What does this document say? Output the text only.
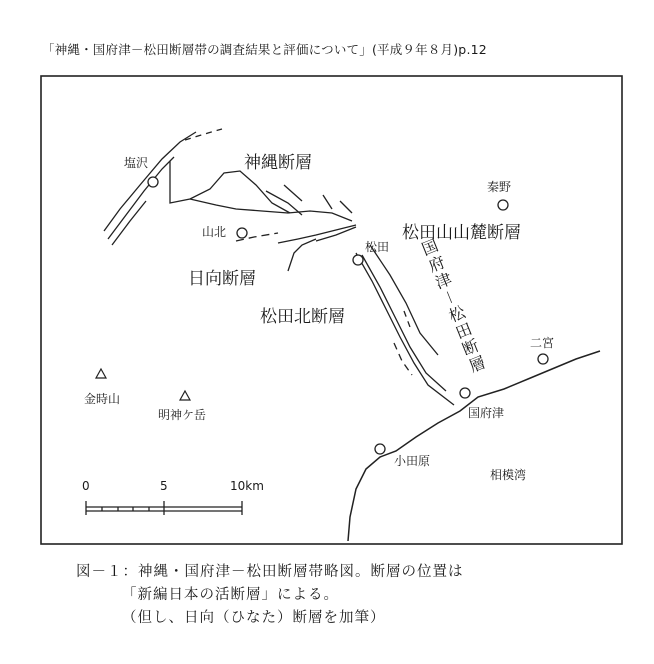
「神縄・国府津－松田断層帯の調査結果と評価について」(平成９年８月)p.12
神縄断層
松田山山麓断層
日向断層
松田北断層	国府津－松田断層
塩沢
秦野
山北
松田
二宮
国府津
小田原
相模湾
金時山
明神ケ岳
0	5	10km
図－１：神縄・国府津－松田断層帯略図。断層の位置は
「新編日本の活断層」による。
（但し、日向（ひなた）断層を加筆）
